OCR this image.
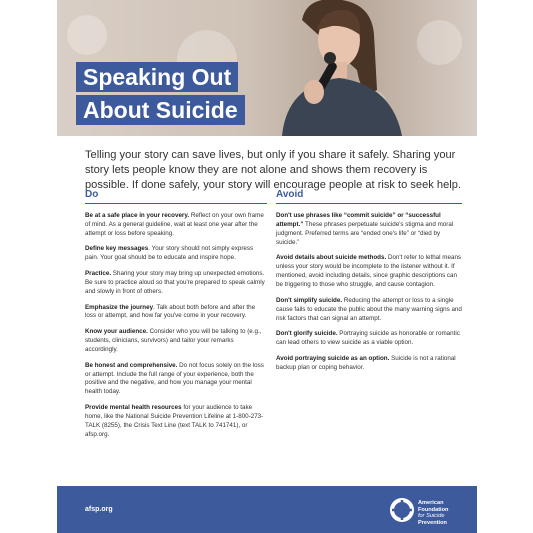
Speaking Out
About Suicide
Telling your story can save lives, but only if you share it safely. Sharing your story lets people know they are not alone and shows them recovery is possible. If done safely, your story will encourage people at risk to seek help.
Do
Be at a safe place in your recovery. Reflect on your own frame of mind. As a general guideline, wait at least one year after the attempt or loss before speaking.
Define key messages. Your story should not simply express pain. Your goal should be to educate and inspire hope.
Practice. Sharing your story may bring up unexpected emotions. Be sure to practice aloud so that you're prepared to speak calmly and slowly in front of others.
Emphasize the journey. Talk about both before and after the loss or attempt, and how far you've come in your recovery.
Know your audience. Consider who you will be talking to (e.g., students, clinicians, survivors) and tailor your remarks accordingly.
Be honest and comprehensive. Do not focus solely on the loss or attempt. Include the full range of your experience, both the positive and the negative, and how you manage your mental health today.
Provide mental health resources for your audience to take home, like the National Suicide Prevention Lifeline at 1-800-273-TALK (8255), the Crisis Text Line (text TALK to 741741), or afsp.org.
Avoid
Don't use phrases like “commit suicide” or “successful attempt.” These phrases perpetuate suicide's stigma and moral judgment. Preferred terms are “ended one's life” or “died by suicide.”
Avoid details about suicide methods. Don't refer to lethal means unless your story would be incomplete to the listener without it. If mentioned, avoid including details, since graphic descriptions can be triggering to those who struggle, and cause contagion.
Don't simplify suicide. Reducing the attempt or loss to a single cause fails to educate the public about the many warning signs and risk factors that can signal an attempt.
Don't glorify suicide. Portraying suicide as honorable or romantic can lead others to view suicide as a viable option.
Avoid portraying suicide as an option. Suicide is not a rational backup plan or coping behavior.
afsp.org
American
Foundation
for Suicide
Prevention
